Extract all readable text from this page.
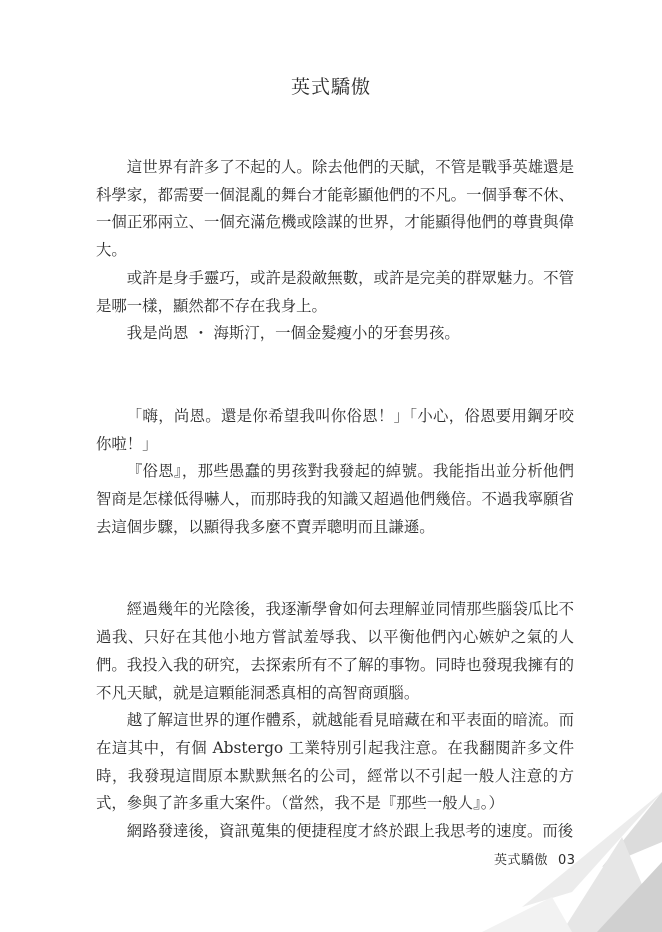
英式驕傲

這世界有許多了不起的人。除去他們的天賦，不管是戰爭英雄還是科學家，都需要一個混亂的舞台才能彰顯他們的不凡。一個爭奪不休、一個正邪兩立、一個充滿危機或陰謀的世界，才能顯得他們的尊貴與偉大。

或許是身手靈巧，或許是殺敵無數，或許是完美的群眾魅力。不管是哪一樣，顯然都不存在我身上。

我是尚恩 ・ 海斯汀，一個金髮瘦小的牙套男孩。

「嗨，尚恩。還是你希望我叫你俗恩！」「小心，俗恩要用鋼牙咬你啦！」

『俗恩』，那些愚蠢的男孩對我發起的綽號。我能指出並分析他們智商是怎樣低得嚇人，而那時我的知識又超過他們幾倍。不過我寧願省去這個步驟，以顯得我多麼不賣弄聰明而且謙遜。

經過幾年的光陰後，我逐漸學會如何去理解並同情那些腦袋瓜比不過我、只好在其他小地方嘗試羞辱我、以平衡他們內心嫉妒之氣的人們。我投入我的研究，去探索所有不了解的事物。同時也發現我擁有的不凡天賦，就是這顆能洞悉真相的高智商頭腦。

越了解這世界的運作體系，就越能看見暗藏在和平表面的暗流。而在這其中，有個 Abstergo 工業特別引起我注意。在我翻閱許多文件時，我發現這間原本默默無名的公司，經常以不引起一般人注意的方式，參與了許多重大案件。（當然，我不是『那些一般人』。）

網路發達後，資訊蒐集的便捷程度才終於跟上我思考的速度。而後

英式驕傲 03
